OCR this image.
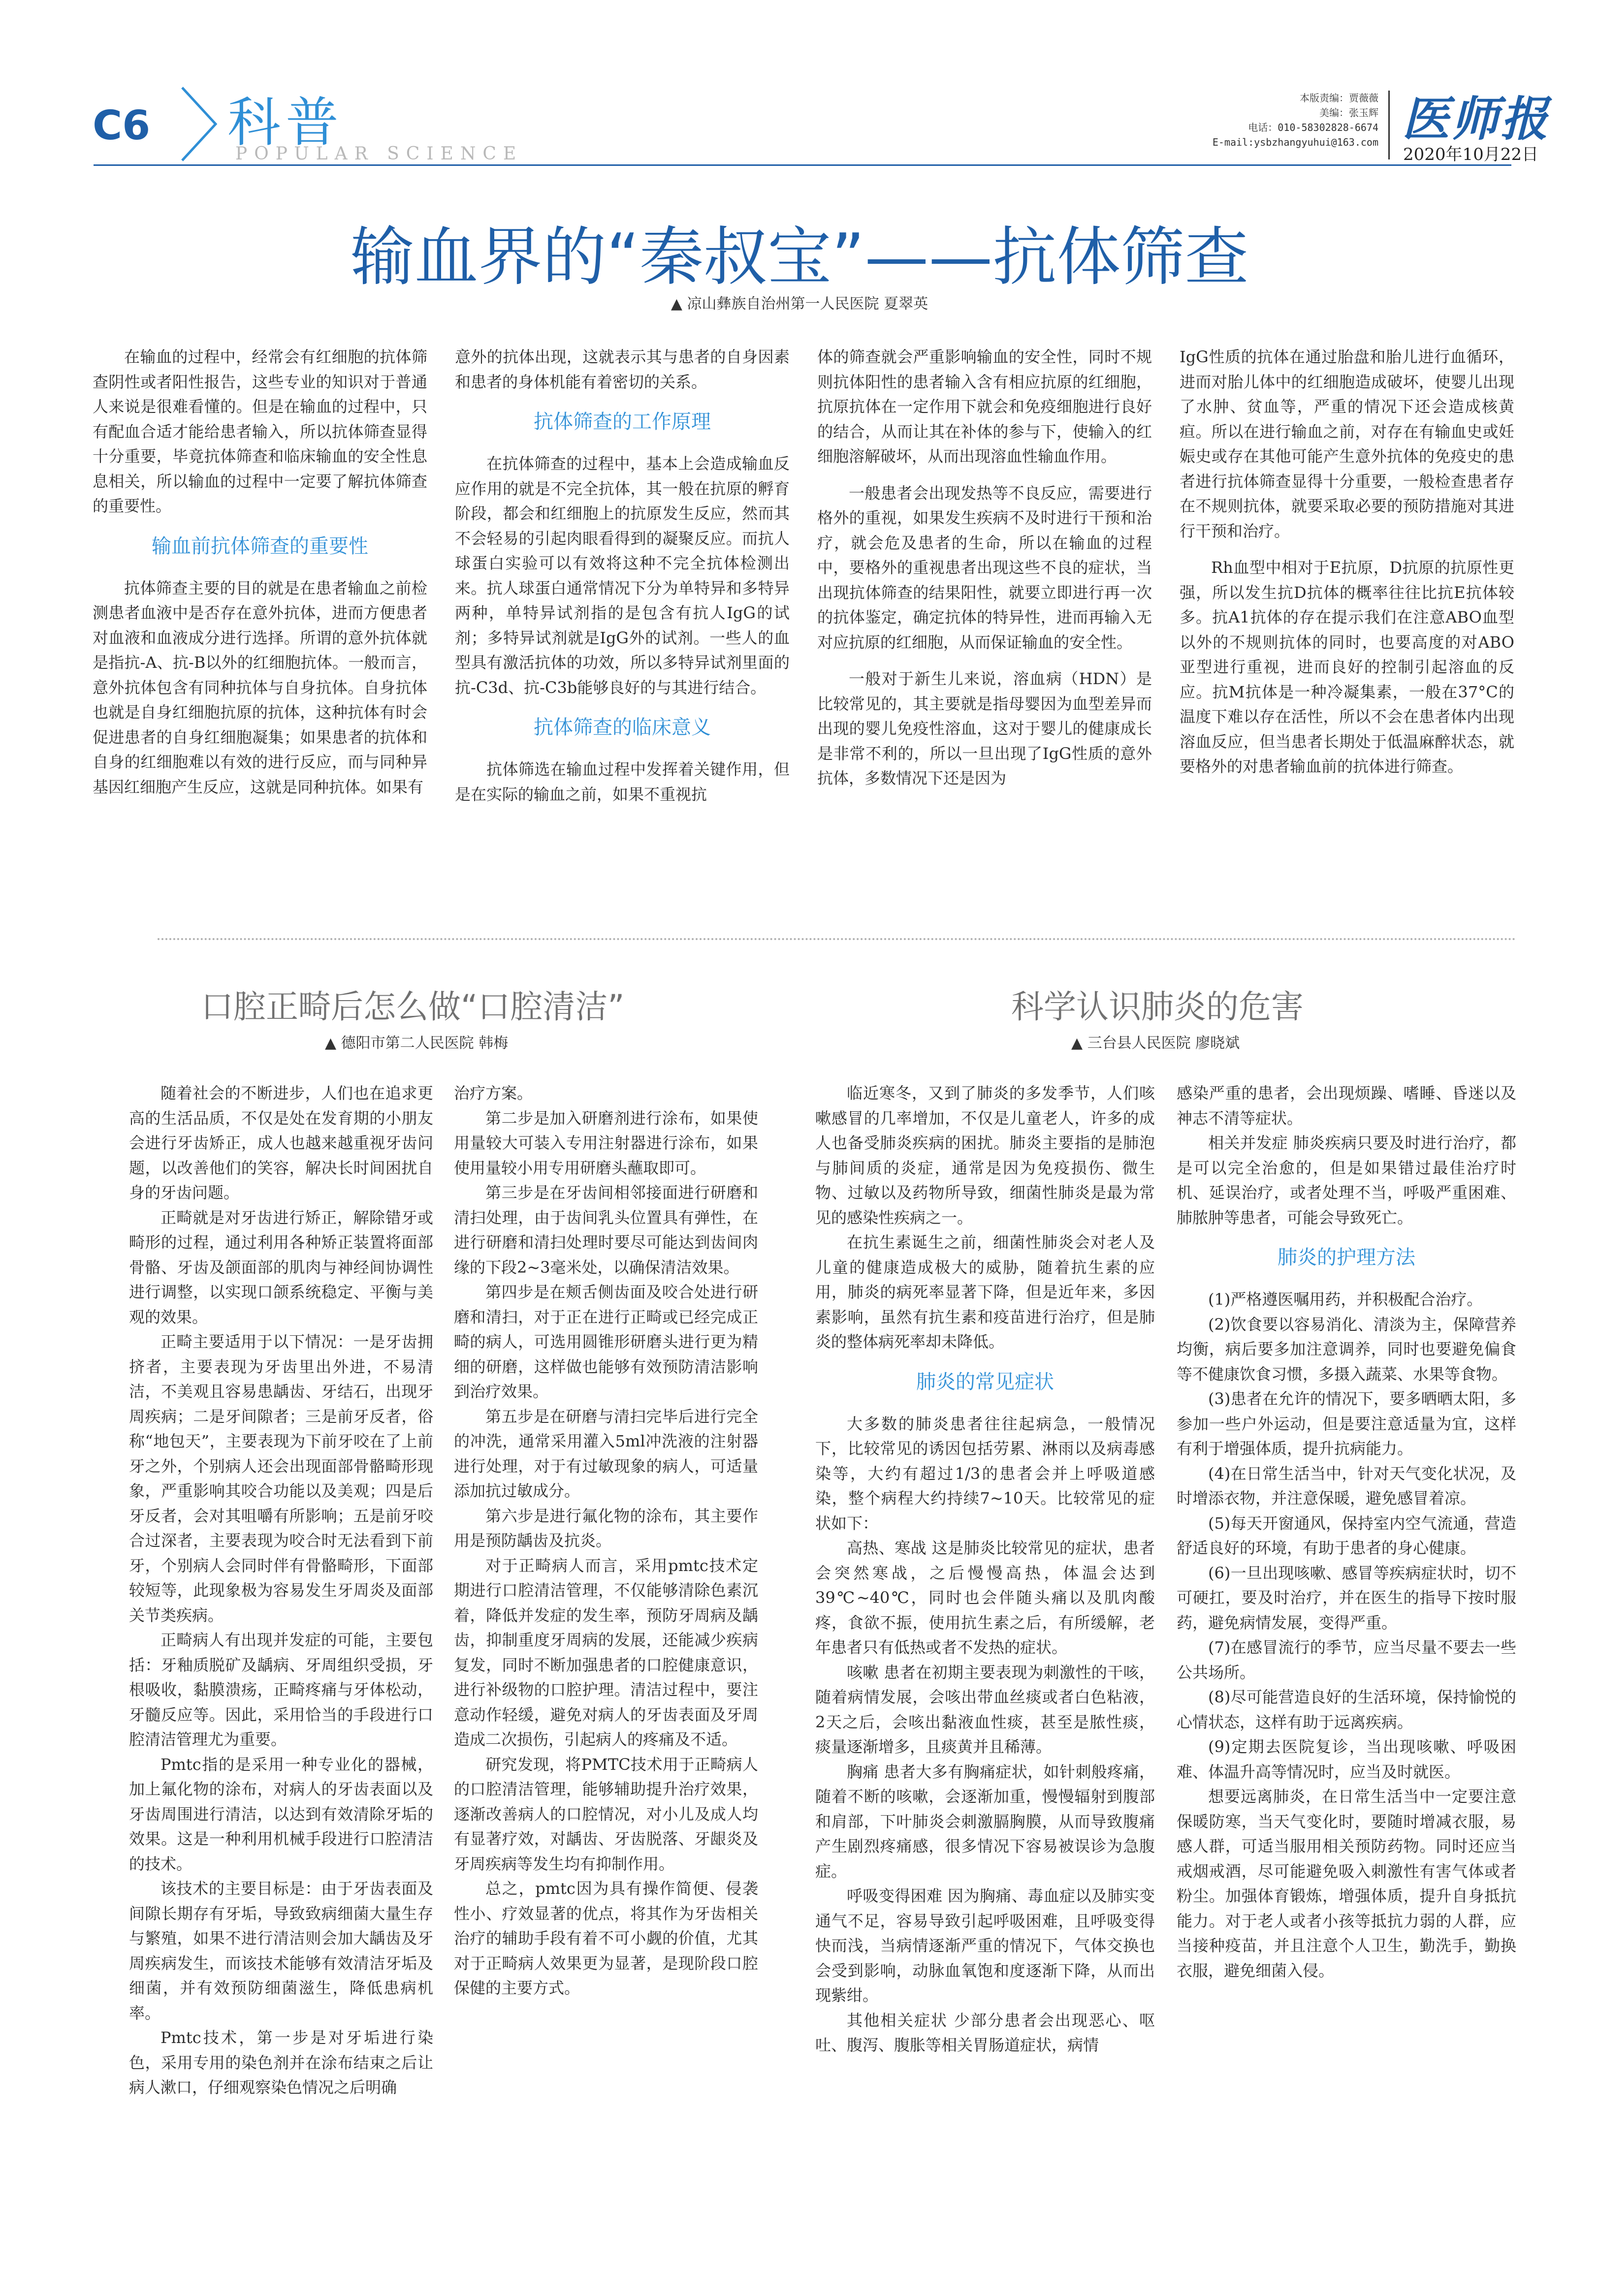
C6 科普
POPULAR SCIENCE
本版责编：贾薇薇
美编：张玉辉
电话：010-58302828-6674
E-mail:ysbzhangyuhui@163.com 医师报
2020年10月22日
输血界的“秦叔宝”——抗体筛查
▲ 凉山彝族自治州第一人民医院 夏翠英

在输血的过程中，经常会有红细胞的抗体筛查阴性或者阳性报告，这些专业的知识对于普通人来说是很难看懂的。但是在输血的过程中，只有配血合适才能给患者输入，所以抗体筛查显得十分重要，毕竟抗体筛查和临床输血的安全性息息相关，所以输血的过程中一定要了解抗体筛查的重要性。

输血前抗体筛查的重要性

抗体筛查主要的目的就是在患者输血之前检测患者血液中是否存在意外抗体，进而方便患者对血液和血液成分进行选择。所谓的意外抗体就是指抗-A、抗-B以外的红细胞抗体。一般而言，意外抗体包含有同种抗体与自身抗体。自身抗体也就是自身红细胞抗原的抗体，这种抗体有时会促进患者的自身红细胞凝集；如果患者的抗体和自身的红细胞难以有效的进行反应，而与同种异基因红细胞产生反应，这就是同种抗体。如果有

意外的抗体出现，这就表示其与患者的自身因素和患者的身体机能有着密切的关系。

抗体筛查的工作原理

在抗体筛查的过程中，基本上会造成输血反应作用的就是不完全抗体，其一般在抗原的孵育阶段，都会和红细胞上的抗原发生反应，然而其不会轻易的引起肉眼看得到的凝聚反应。而抗人球蛋白实验可以有效将这种不完全抗体检测出来。抗人球蛋白通常情况下分为单特异和多特异两种，单特异试剂指的是包含有抗人IgG的试剂；多特异试剂就是IgG外的试剂。一些人的血型具有激活抗体的功效，所以多特异试剂里面的抗-C3d、抗-C3b能够良好的与其进行结合。

抗体筛查的临床意义

抗体筛选在输血过程中发挥着关键作用，但是在实际的输血之前，如果不重视抗

体的筛查就会严重影响输血的安全性，同时不规则抗体阳性的患者输入含有相应抗原的红细胞，抗原抗体在一定作用下就会和免疫细胞进行良好的结合，从而让其在补体的参与下，使输入的红细胞溶解破坏，从而出现溶血性输血作用。

一般患者会出现发热等不良反应，需要进行格外的重视，如果发生疾病不及时进行干预和治疗，就会危及患者的生命，所以在输血的过程中，要格外的重视患者出现这些不良的症状，当出现抗体筛查的结果阳性，就要立即进行再一次的抗体鉴定，确定抗体的特异性，进而再输入无对应抗原的红细胞，从而保证输血的安全性。

一般对于新生儿来说，溶血病（HDN）是比较常见的，其主要就是指母婴因为血型差异而出现的婴儿免疫性溶血，这对于婴儿的健康成长是非常不利的，所以一旦出现了IgG性质的意外抗体，多数情况下还是因为

IgG性质的抗体在通过胎盘和胎儿进行血循环，进而对胎儿体中的红细胞造成破坏，使婴儿出现了水肿、贫血等，严重的情况下还会造成核黄疸。所以在进行输血之前，对存在有输血史或妊娠史或存在其他可能产生意外抗体的免疫史的患者进行抗体筛查显得十分重要，一般检查患者存在不规则抗体，就要采取必要的预防措施对其进行干预和治疗。

Rh血型中相对于E抗原，D抗原的抗原性更强，所以发生抗D抗体的概率往往比抗E抗体较多。抗A1抗体的存在提示我们在注意ABO血型以外的不规则抗体的同时，也要高度的对ABO亚型进行重视，进而良好的控制引起溶血的反应。抗M抗体是一种冷凝集素，一般在37°C的温度下难以存在活性，所以不会在患者体内出现溶血反应，但当患者长期处于低温麻醉状态，就要格外的对患者输血前的抗体进行筛查。

口腔正畸后怎么做“口腔清洁”
▲ 德阳市第二人民医院 韩梅

随着社会的不断进步，人们也在追求更高的生活品质，不仅是处在发育期的小朋友会进行牙齿矫正，成人也越来越重视牙齿问题，以改善他们的笑容，解决长时间困扰自身的牙齿问题。

正畸就是对牙齿进行矫正，解除错牙或畸形的过程，通过利用各种矫正装置将面部骨骼、牙齿及颌面部的肌肉与神经间协调性进行调整，以实现口颌系统稳定、平衡与美观的效果。

正畸主要适用于以下情况：一是牙齿拥挤者，主要表现为牙齿里出外进，不易清洁，不美观且容易患龋齿、牙结石，出现牙周疾病；二是牙间隙者；三是前牙反者，俗称“地包天”，主要表现为下前牙咬在了上前牙之外，个别病人还会出现面部骨骼畸形现象，严重影响其咬合功能以及美观；四是后牙反者，会对其咀嚼有所影响；五是前牙咬合过深者，主要表现为咬合时无法看到下前牙，个别病人会同时伴有骨骼畸形，下面部较短等，此现象极为容易发生牙周炎及面部关节类疾病。

正畸病人有出现并发症的可能，主要包括：牙釉质脱矿及龋病、牙周组织受损，牙根吸收，黏膜溃疡，正畸疼痛与牙体松动，牙髓反应等。因此，采用恰当的手段进行口腔清洁管理尤为重要。

Pmtc指的是采用一种专业化的器械，加上氟化物的涂布，对病人的牙齿表面以及牙齿周围进行清洁，以达到有效清除牙垢的效果。这是一种利用机械手段进行口腔清洁的技术。

该技术的主要目标是：由于牙齿表面及间隙长期存有牙垢，导致致病细菌大量生存与繁殖，如果不进行清洁则会加大龋齿及牙周疾病发生，而该技术能够有效清洁牙垢及细菌，并有效预防细菌滋生，降低患病机率。

Pmtc技术，第一步是对牙垢进行染色，采用专用的染色剂并在涂布结束之后让病人漱口，仔细观察染色情况之后明确

治疗方案。

第二步是加入研磨剂进行涂布，如果使用量较大可装入专用注射器进行涂布，如果使用量较小用专用研磨头蘸取即可。

第三步是在牙齿间相邻接面进行研磨和清扫处理，由于齿间乳头位置具有弹性，在进行研磨和清扫处理时要尽可能达到齿间肉缘的下段2~3毫米处，以确保清洁效果。

第四步是在颊舌侧齿面及咬合处进行研磨和清扫，对于正在进行正畸或已经完成正畸的病人，可选用圆锥形研磨头进行更为精细的研磨，这样做也能够有效预防清洁影响到治疗效果。

第五步是在研磨与清扫完毕后进行完全的冲洗，通常采用灌入5ml冲洗液的注射器进行处理，对于有过敏现象的病人，可适量添加抗过敏成分。

第六步是进行氟化物的涂布，其主要作用是预防龋齿及抗炎。

对于正畸病人而言，采用pmtc技术定期进行口腔清洁管理，不仅能够清除色素沉着，降低并发症的发生率，预防牙周病及龋齿，抑制重度牙周病的发展，还能减少疾病复发，同时不断加强患者的口腔健康意识，进行补级物的口腔护理。清洁过程中，要注意动作轻缓，避免对病人的牙齿表面及牙周造成二次损伤，引起病人的疼痛及不适。

研究发现，将PMTC技术用于正畸病人的口腔清洁管理，能够辅助提升治疗效果，逐渐改善病人的口腔情况，对小儿及成人均有显著疗效，对龋齿、牙齿脱落、牙龈炎及牙周疾病等发生均有抑制作用。

总之，pmtc因为具有操作简便、侵袭性小、疗效显著的优点，将其作为牙齿相关治疗的辅助手段有着不可小觑的价值，尤其对于正畸病人效果更为显著，是现阶段口腔保健的主要方式。

科学认识肺炎的危害
▲ 三台县人民医院 廖晓斌

临近寒冬，又到了肺炎的多发季节，人们咳嗽感冒的几率增加，不仅是儿童老人，许多的成人也备受肺炎疾病的困扰。肺炎主要指的是肺泡与肺间质的炎症，通常是因为免疫损伤、微生物、过敏以及药物所导致，细菌性肺炎是最为常见的感染性疾病之一。

在抗生素诞生之前，细菌性肺炎会对老人及儿童的健康造成极大的威胁，随着抗生素的应用，肺炎的病死率显著下降，但是近年来，多因素影响，虽然有抗生素和疫苗进行治疗，但是肺炎的整体病死率却未降低。

肺炎的常见症状

大多数的肺炎患者往往起病急，一般情况下，比较常见的诱因包括劳累、淋雨以及病毒感染等，大约有超过1/3的患者会并上呼吸道感染，整个病程大约持续7~10天。比较常见的症状如下：

高热、寒战 这是肺炎比较常见的症状，患者会突然寒战，之后慢慢高热，体温会达到39℃~40℃，同时也会伴随头痛以及肌肉酸疼，食欲不振，使用抗生素之后，有所缓解，老年患者只有低热或者不发热的症状。

咳嗽 患者在初期主要表现为刺激性的干咳，随着病情发展，会咳出带血丝痰或者白色粘液，2天之后，会咳出黏液血性痰，甚至是脓性痰，痰量逐渐增多，且痰黄并且稀薄。

胸痛 患者大多有胸痛症状，如针刺般疼痛，随着不断的咳嗽，会逐渐加重，慢慢辐射到腹部和肩部，下叶肺炎会刺激膈胸膜，从而导致腹痛产生剧烈疼痛感，很多情况下容易被误诊为急腹症。

呼吸变得困难 因为胸痛、毒血症以及肺实变通气不足，容易导致引起呼吸困难，且呼吸变得快而浅，当病情逐渐严重的情况下，气体交换也会受到影响，动脉血氧饱和度逐渐下降，从而出现紫绀。

其他相关症状 少部分患者会出现恶心、呕吐、腹泻、腹胀等相关胃肠道症状，病情

感染严重的患者，会出现烦躁、嗜睡、昏迷以及神志不清等症状。

相关并发症 肺炎疾病只要及时进行治疗，都是可以完全治愈的，但是如果错过最佳治疗时机、延误治疗，或者处理不当，呼吸严重困难、肺脓肿等患者，可能会导致死亡。

肺炎的护理方法

(1)严格遵医嘱用药，并积极配合治疗。

(2)饮食要以容易消化、清淡为主，保障营养均衡，病后要多加注意调养，同时也要避免偏食等不健康饮食习惯，多摄入蔬菜、水果等食物。

(3)患者在允许的情况下，要多晒晒太阳，多参加一些户外运动，但是要注意适量为宜，这样有利于增强体质，提升抗病能力。

(4)在日常生活当中，针对天气变化状况，及时增添衣物，并注意保暖，避免感冒着凉。

(5)每天开窗通风，保持室内空气流通，营造舒适良好的环境，有助于患者的身心健康。

(6)一旦出现咳嗽、感冒等疾病症状时，切不可硬扛，要及时治疗，并在医生的指导下按时服药，避免病情发展，变得严重。

(7)在感冒流行的季节，应当尽量不要去一些公共场所。

(8)尽可能营造良好的生活环境，保持愉悦的心情状态，这样有助于远离疾病。

(9)定期去医院复诊，当出现咳嗽、呼吸困难、体温升高等情况时，应当及时就医。

想要远离肺炎，在日常生活当中一定要注意保暖防寒，当天气变化时，要随时增减衣服，易感人群，可适当服用相关预防药物。同时还应当戒烟戒酒，尽可能避免吸入刺激性有害气体或者粉尘。加强体育锻炼，增强体质，提升自身抵抗能力。对于老人或者小孩等抵抗力弱的人群，应当接种疫苗，并且注意个人卫生，勤洗手，勤换衣服，避免细菌入侵。
